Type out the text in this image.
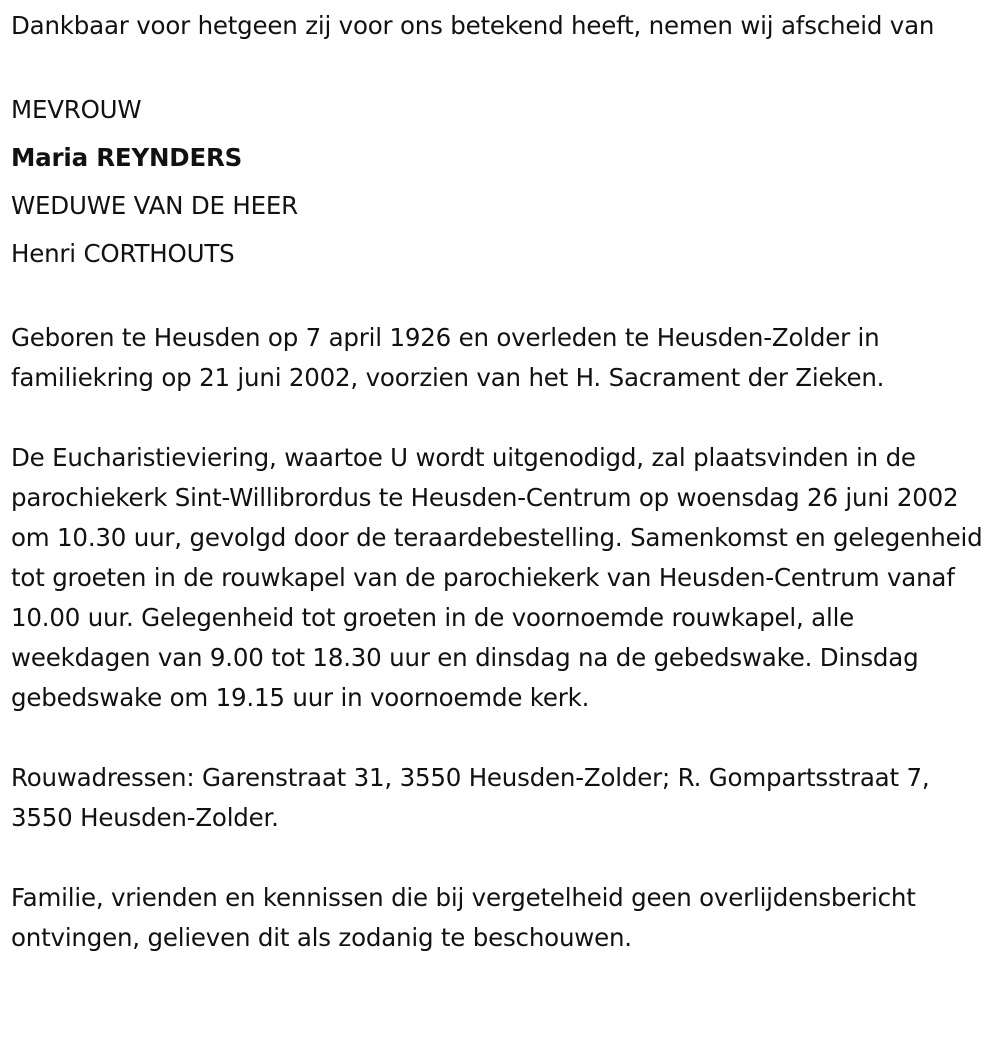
Dankbaar voor hetgeen zij voor ons betekend heeft, nemen wij afscheid van

MEVROUW

Maria REYNDERS

WEDUWE VAN DE HEER

Henri CORTHOUTS

Geboren te Heusden op 7 april 1926 en overleden te Heusden-Zolder in familiekring op 21 juni 2002, voorzien van het H. Sacrament der Zieken.

De Eucharistieviering, waartoe U wordt uitgenodigd, zal plaatsvinden in de parochiekerk Sint-Willibrordus te Heusden-Centrum op woensdag 26 juni 2002 om 10.30 uur, gevolgd door de teraardebestelling. Samenkomst en gelegenheid tot groeten in de rouwkapel van de parochiekerk van Heusden-Centrum vanaf 10.00 uur. Gelegenheid tot groeten in de voornoemde rouwkapel, alle weekdagen van 9.00 tot 18.30 uur en dinsdag na de gebedswake. Dinsdag gebedswake om 19.15 uur in voornoemde kerk.

Rouwadressen: Garenstraat 31, 3550 Heusden-Zolder; R. Gompartsstraat 7, 3550 Heusden-Zolder.

Familie, vrienden en kennissen die bij vergetelheid geen overlijdensbericht ontvingen, gelieven dit als zodanig te beschouwen.
